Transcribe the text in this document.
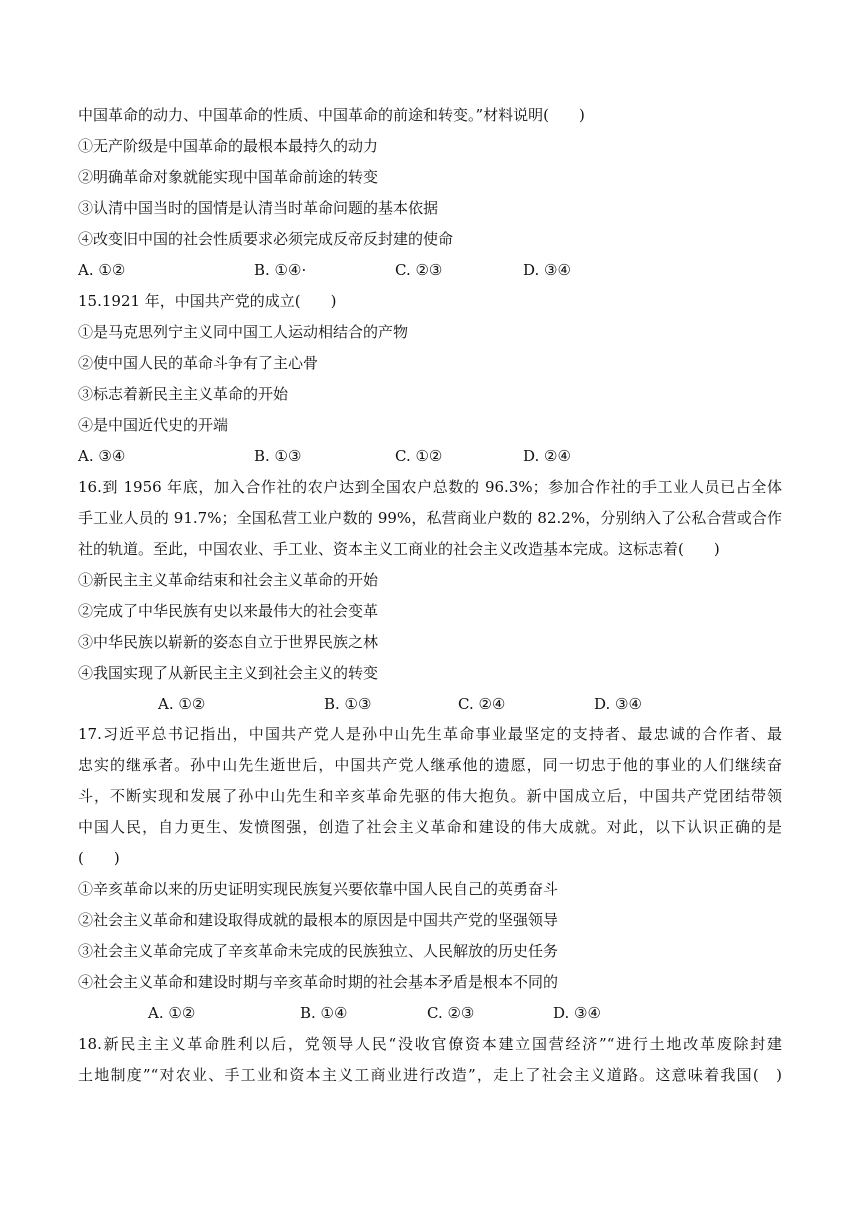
中国革命的动力、中国革命的性质、中国革命的前途和转变。”材料说明(　　)
①无产阶级是中国革命的最根本最持久的动力
②明确革命对象就能实现中国革命前途的转变
③认清中国当时的国情是认清当时革命问题的基本依据
④改变旧中国的社会性质要求必须完成反帝反封建的使命
A. ①②	B. ①④·	C. ②③	D. ③④
15.1921 年，中国共产党的成立(　　)
①是马克思列宁主义同中国工人运动相结合的产物
②使中国人民的革命斗争有了主心骨
③标志着新民主主义革命的开始
④是中国近代史的开端
A. ③④	B. ①③	C. ①②	D. ②④
16.到 1956 年底，加入合作社的农户达到全国农户总数的 96.3%；参加合作社的手工业人员已占全体
手工业人员的 91.7%；全国私营工业户数的 99%，私营商业户数的 82.2%，分别纳入了公私合营或合作
社的轨道。至此，中国农业、手工业、资本主义工商业的社会主义改造基本完成。这标志着(　　)
①新民主主义革命结束和社会主义革命的开始
②完成了中华民族有史以来最伟大的社会变革
③中华民族以崭新的姿态自立于世界民族之林
④我国实现了从新民主主义到社会主义的转变
A. ①②	B. ①③	C. ②④	D. ③④
17.习近平总书记指出，中国共产党人是孙中山先生革命事业最坚定的支持者、最忠诚的合作者、最
忠实的继承者。孙中山先生逝世后，中国共产党人继承他的遗愿，同一切忠于他的事业的人们继续奋
斗，不断实现和发展了孙中山先生和辛亥革命先驱的伟大抱负。新中国成立后，中国共产党团结带领
中国人民，自力更生、发愤图强，创造了社会主义革命和建设的伟大成就。对此，以下认识正确的是
(　　)
①辛亥革命以来的历史证明实现民族复兴要依靠中国人民自己的英勇奋斗
②社会主义革命和建设取得成就的最根本的原因是中国共产党的坚强领导
③社会主义革命完成了辛亥革命未完成的民族独立、人民解放的历史任务
④社会主义革命和建设时期与辛亥革命时期的社会基本矛盾是根本不同的
A. ①②	B. ①④	C. ②③	D. ③④
18.新民主主义革命胜利以后，党领导人民“没收官僚资本建立国营经济”“进行土地改革废除封建
土地制度”“对农业、手工业和资本主义工商业进行改造”，走上了社会主义道路。这意味着我国(　)
